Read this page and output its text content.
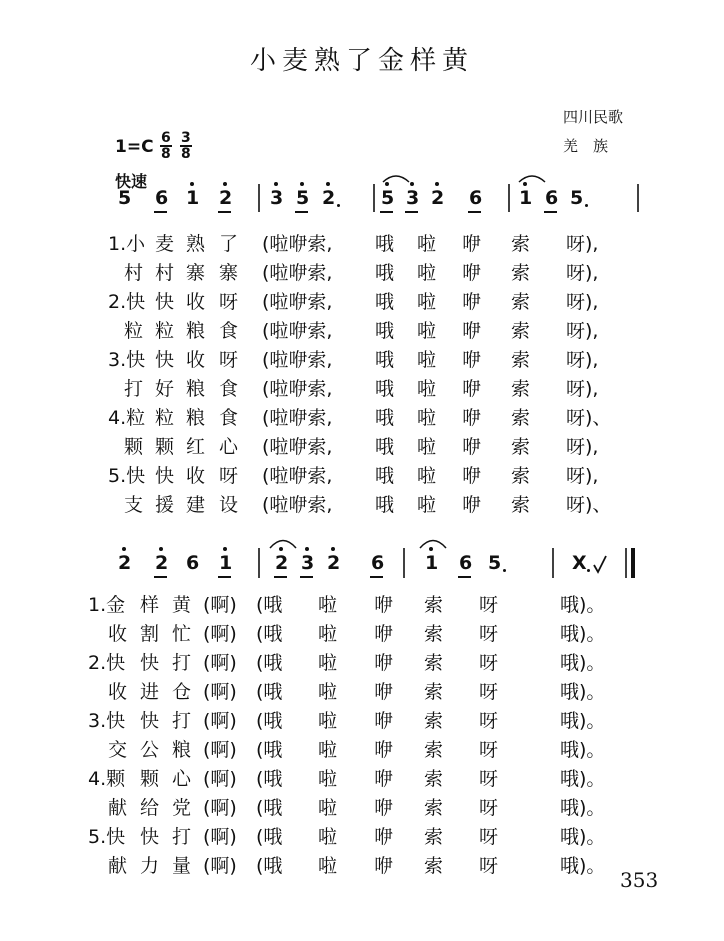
小麦熟了金样黄
四川民歌
羌　族
$1=C \frac{6}{8} \frac{3}{8}$
快速
5 6 1 2 3 5 2 5 3 2 6 1 6 5
1.小 麦 熟 了 (啦咿索, 哦 啦 咿 索 呀),
村 村 寨 寨 (啦咿索, 哦 啦 咿 索 呀),
2.快 快 收 呀 (啦咿索, 哦 啦 咿 索 呀),
粒 粒 粮 食 (啦咿索, 哦 啦 咿 索 呀),
3.快 快 收 呀 (啦咿索, 哦 啦 咿 索 呀),
打 好 粮 食 (啦咿索, 哦 啦 咿 索 呀),
4.粒 粒 粮 食 (啦咿索, 哦 啦 咿 索 呀)、
颗 颗 红 心 (啦咿索, 哦 啦 咿 索 呀),
5.快 快 收 呀 (啦咿索, 哦 啦 咿 索 呀),
支 援 建 设 (啦咿索, 哦 啦 咿 索 呀)、
2 2 6 1 2 3 2 6 1 6 5	X
1.金 样 黄 (啊) (哦 啦 咿 索 呀	哦)。
收 割 忙 (啊) (哦 啦 咿 索 呀	哦)。
2.快 快 打 (啊) (哦 啦 咿 索 呀	哦)。
收 进 仓 (啊) (哦 啦 咿 索 呀	哦)。
3.快 快 打 (啊) (哦 啦 咿 索 呀	哦)。
交 公 粮 (啊) (哦 啦 咿 索 呀	哦)。
4.颗 颗 心 (啊) (哦 啦 咿 索 呀	哦)。
献 给 党 (啊) (哦 啦 咿 索 呀	哦)。
5.快 快 打 (啊) (哦 啦 咿 索 呀	哦)。
献 力 量 (啊) (哦 啦 咿 索 呀	哦)。
353
